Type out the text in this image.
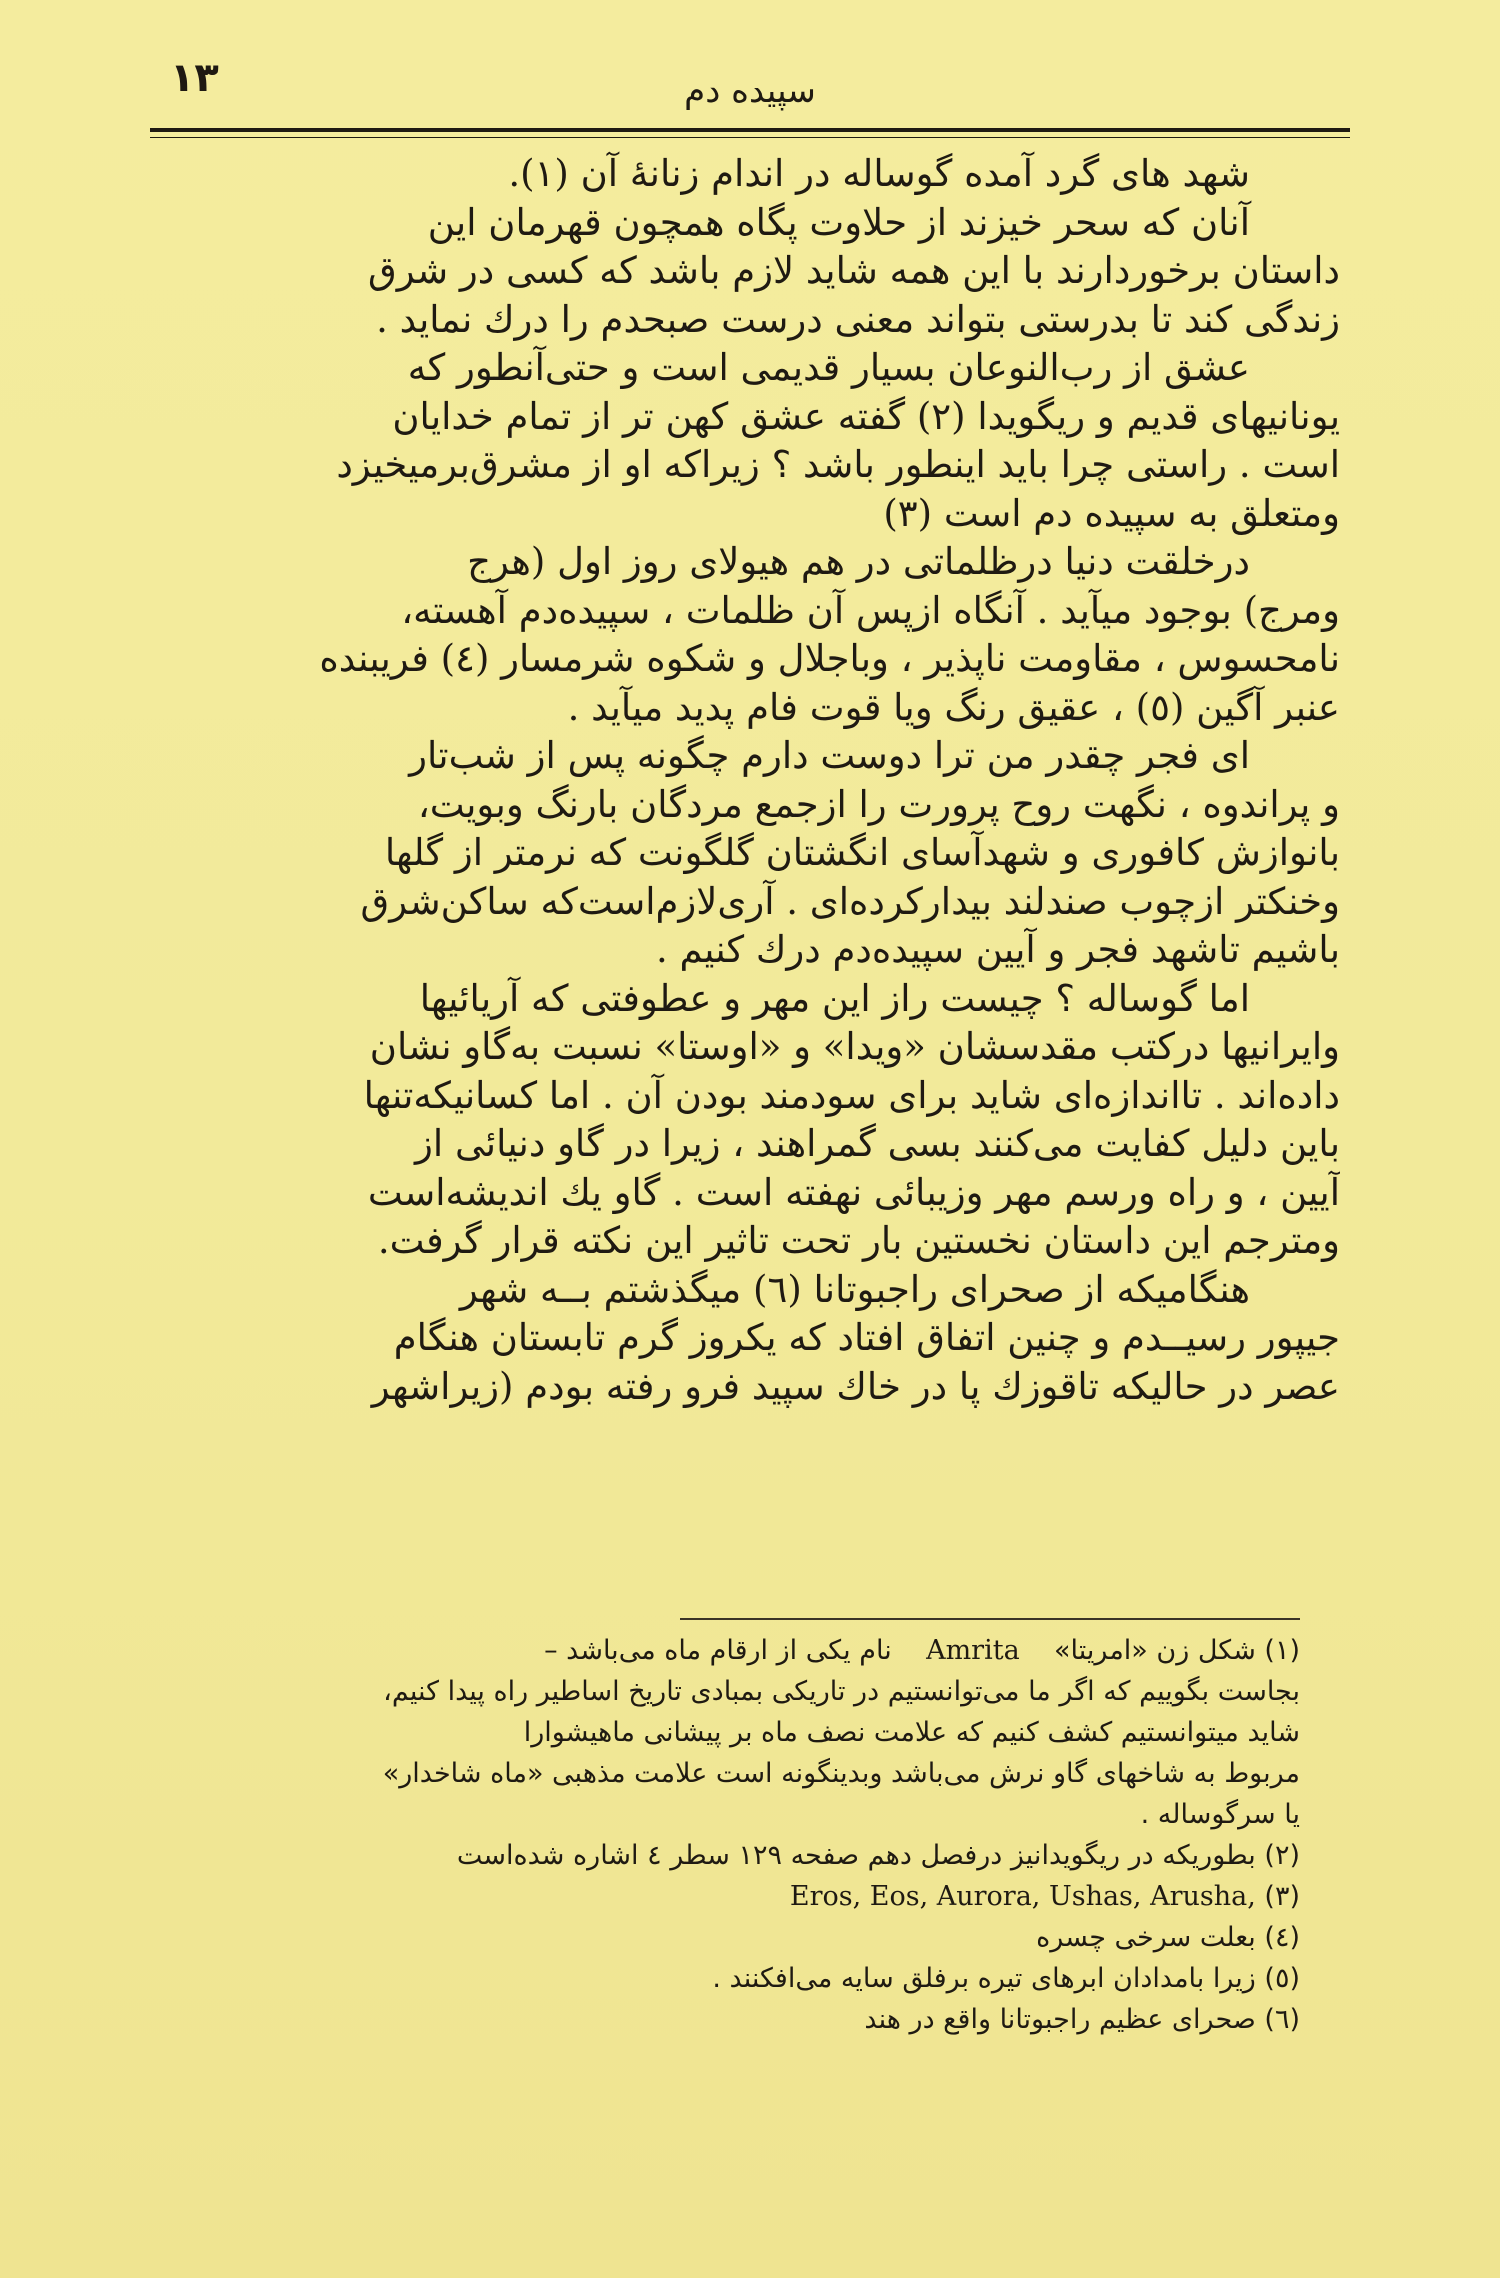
۱۳	سپیده دم
شهد های گرد آمده گوساله در اندام زنانهٔ آن (۱).
آنان که سحر خیزند از حلاوت پگاه همچون قهرمان این
داستان برخوردارند با این همه شاید لازم باشد که کسی در شرق
زندگی کند تا بدرستی بتواند معنی درست صبحدم را درك نماید .
عشق از رب‌النوعان بسیار قدیمی است و حتی‌آنطور که
یونانیهای قدیم و ریگویدا (۲) گفته عشق کهن تر از تمام خدایان
است . راستی چرا باید اینطور باشد ؟ زیراکه او از مشرق‌برمیخیزد
ومتعلق به سپیده دم است (۳)
درخلقت دنیا درظلماتی در هم هیولای روز اول (هرج
ومرج) بوجود میآید . آنگاه ازپس آن ظلمات ، سپیده‌دم آهسته،
نامحسوس ، مقاومت ناپذیر ، وباجلال و شکوه شرمسار (٤) فریبنده
عنبر آگین (٥) ، عقیق رنگ ویا قوت فام پدید میآید .
ای فجر چقدر من ترا دوست دارم چگونه پس از شب‌تار
و پراندوه ، نگهت روح پرورت را ازجمع مردگان بارنگ وبویت،
بانوازش کافوری و شهدآسای انگشتان گلگونت که نرمتر از گلها
وخنکتر ازچوب صندلند بیدارکرده‌ای . آری‌لازم‌است‌که ساکن‌شرق
باشیم تاشهد فجر و آیین سپیده‌دم درك کنیم .
اما گوساله ؟ چیست راز این مهر و عطوفتی که آریائیها
وایرانیها درکتب مقدسشان «ویدا» و «اوستا» نسبت به‌گاو نشان
داده‌اند . تااندازه‌ای شاید برای سودمند بودن آن . اما کسانیکه‌تنها
باین دلیل کفایت می‌کنند بسی گمراهند ، زیرا در گاو دنیائی از
آیین ، و راه ورسم مهر وزیبائی نهفته است . گاو یك اندیشه‌است
ومترجم این داستان نخستین بار تحت تاثیر این نکته قرار گرفت.
هنگامیکه از صحرای راجبوتانا (٦) میگذشتم بــه شهر
جیپور رسیــدم و چنین اتفاق افتاد که یکروز گرم تابستان هنگام
عصر در حالیکه تاقوزك پا در خاك سپید فرو رفته بودم (زیراشهر
(۱) شکل زن «امریتا»    Amrita    نام یکی از ارقام ماه می‌باشد –
بجاست بگوییم که اگر ما می‌توانستیم در تاریکی بمبادی تاریخ اساطیر راه پیدا کنیم،
شاید میتوانستیم کشف کنیم که علامت نصف ماه بر پیشانی ماهیشوارا
مربوط به شاخهای گاو نرش می‌باشد وبدینگونه است علامت مذهبی «ماه شاخدار»
یا سرگوساله .
(۲) بطوریکه در ریگویدانیز درفصل دهم صفحه ۱۲۹ سطر ٤ اشاره شده‌است
(۳) Eros, Eos, Aurora, Ushas, Arusha,
(٤) بعلت سرخی چسره
(٥) زیرا بامدادان ابرهای تیره برفلق سایه می‌افکنند .
(٦) صحرای عظیم راجبوتانا واقع در هند
